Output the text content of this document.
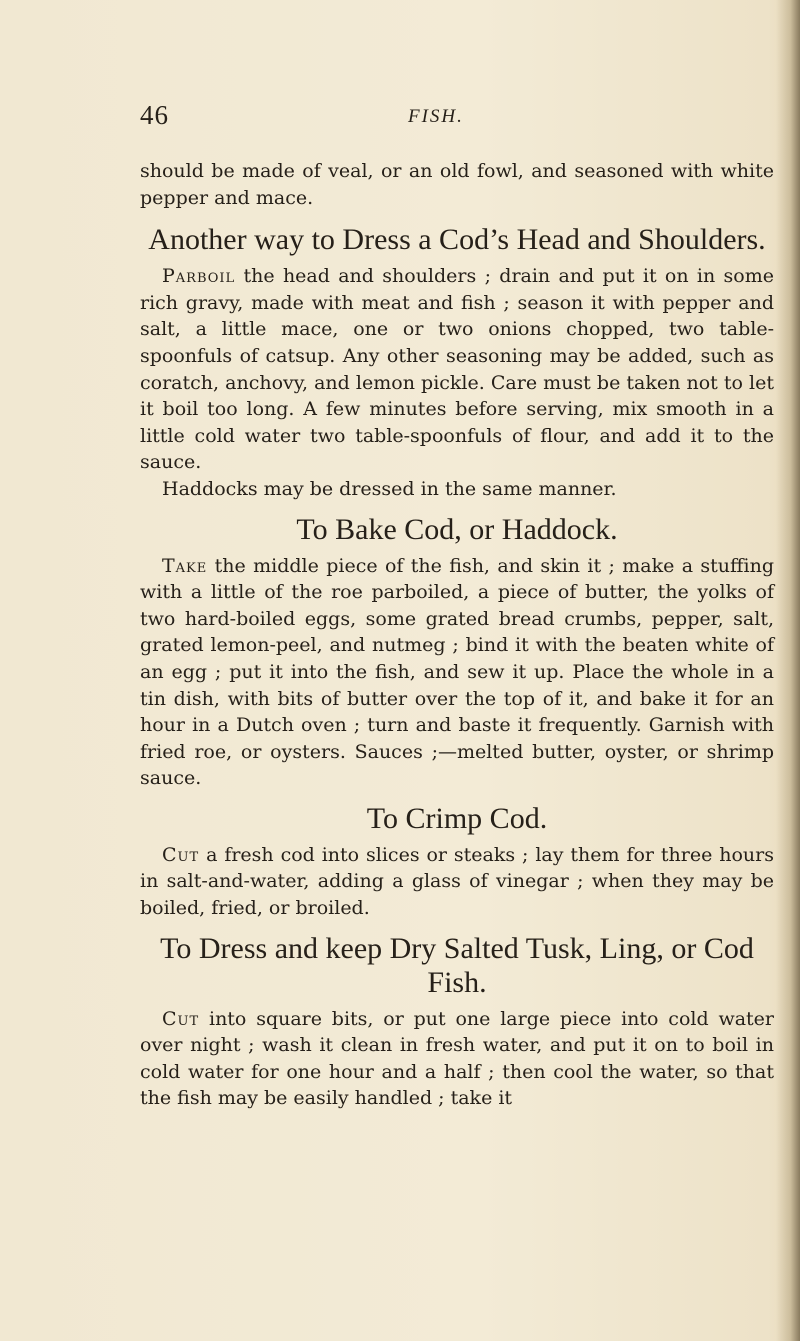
46	FISH.

should be made of veal, or an old fowl, and seasoned with white pepper and mace.

Another way to Dress a Cod’s Head and Shoulders.

Parboil the head and shoulders ; drain and put it on in some rich gravy, made with meat and fish ; season it with pepper and salt, a little mace, one or two onions chopped, two table-spoonfuls of catsup. Any other seasoning may be added, such as coratch, anchovy, and lemon pickle. Care must be taken not to let it boil too long. A few minutes before serving, mix smooth in a little cold water two table-spoonfuls of flour, and add it to the sauce.

Haddocks may be dressed in the same manner.

To Bake Cod, or Haddock.

Take the middle piece of the fish, and skin it ; make a stuffing with a little of the roe parboiled, a piece of butter, the yolks of two hard-boiled eggs, some grated bread crumbs, pepper, salt, grated lemon-peel, and nutmeg ; bind it with the beaten white of an egg ; put it into the fish, and sew it up. Place the whole in a tin dish, with bits of butter over the top of it, and bake it for an hour in a Dutch oven ; turn and baste it frequently. Garnish with fried roe, or oysters. Sauces ;—melted butter, oyster, or shrimp sauce.

To Crimp Cod.

Cut a fresh cod into slices or steaks ; lay them for three hours in salt-and-water, adding a glass of vinegar ; when they may be boiled, fried, or broiled.

To Dress and keep Dry Salted Tusk, Ling, or Cod Fish.

Cut into square bits, or put one large piece into cold water over night ; wash it clean in fresh water, and put it on to boil in cold water for one hour and a half ; then cool the water, so that the fish may be easily handled ; take it
